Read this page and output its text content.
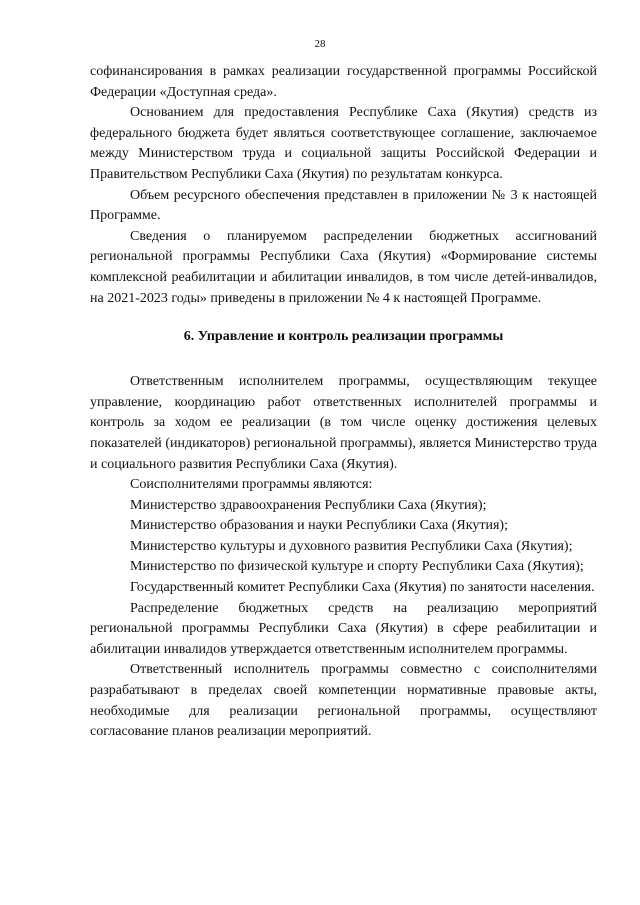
28

софинансирования в рамках реализации государственной программы Российской Федерации «Доступная среда».

Основанием для предоставления Республике Саха (Якутия) средств из федерального бюджета будет являться соответствующее соглашение, заключаемое между Министерством труда и социальной защиты Российской Федерации и Правительством Республики Саха (Якутия) по результатам конкурса.

Объем ресурсного обеспечения представлен в приложении № 3 к настоящей Программе.

Сведения о планируемом распределении бюджетных ассигнований региональной программы Республики Саха (Якутия) «Формирование системы комплексной реабилитации и абилитации инвалидов, в том числе детей-инвалидов, на 2021-2023 годы» приведены в приложении № 4 к настоящей Программе.

6. Управление и контроль реализации программы

Ответственным исполнителем программы, осуществляющим текущее управление, координацию работ ответственных исполнителей программы и контроль за ходом ее реализации (в том числе оценку достижения целевых показателей (индикаторов) региональной программы), является Министерство труда и социального развития Республики Саха (Якутия).

Соисполнителями программы являются:

Министерство здравоохранения Республики Саха (Якутия);

Министерство образования и науки Республики Саха (Якутия);

Министерство культуры и духовного развития Республики Саха (Якутия);

Министерство по физической культуре и спорту Республики Саха (Якутия);

Государственный комитет Республики Саха (Якутия) по занятости населения.

Распределение бюджетных средств на реализацию мероприятий региональной программы Республики Саха (Якутия) в сфере реабилитации и абилитации инвалидов утверждается ответственным исполнителем программы.

Ответственный исполнитель программы совместно с соисполнителями разрабатывают в пределах своей компетенции нормативные правовые акты, необходимые для реализации региональной программы, осуществляют согласование планов реализации мероприятий.
